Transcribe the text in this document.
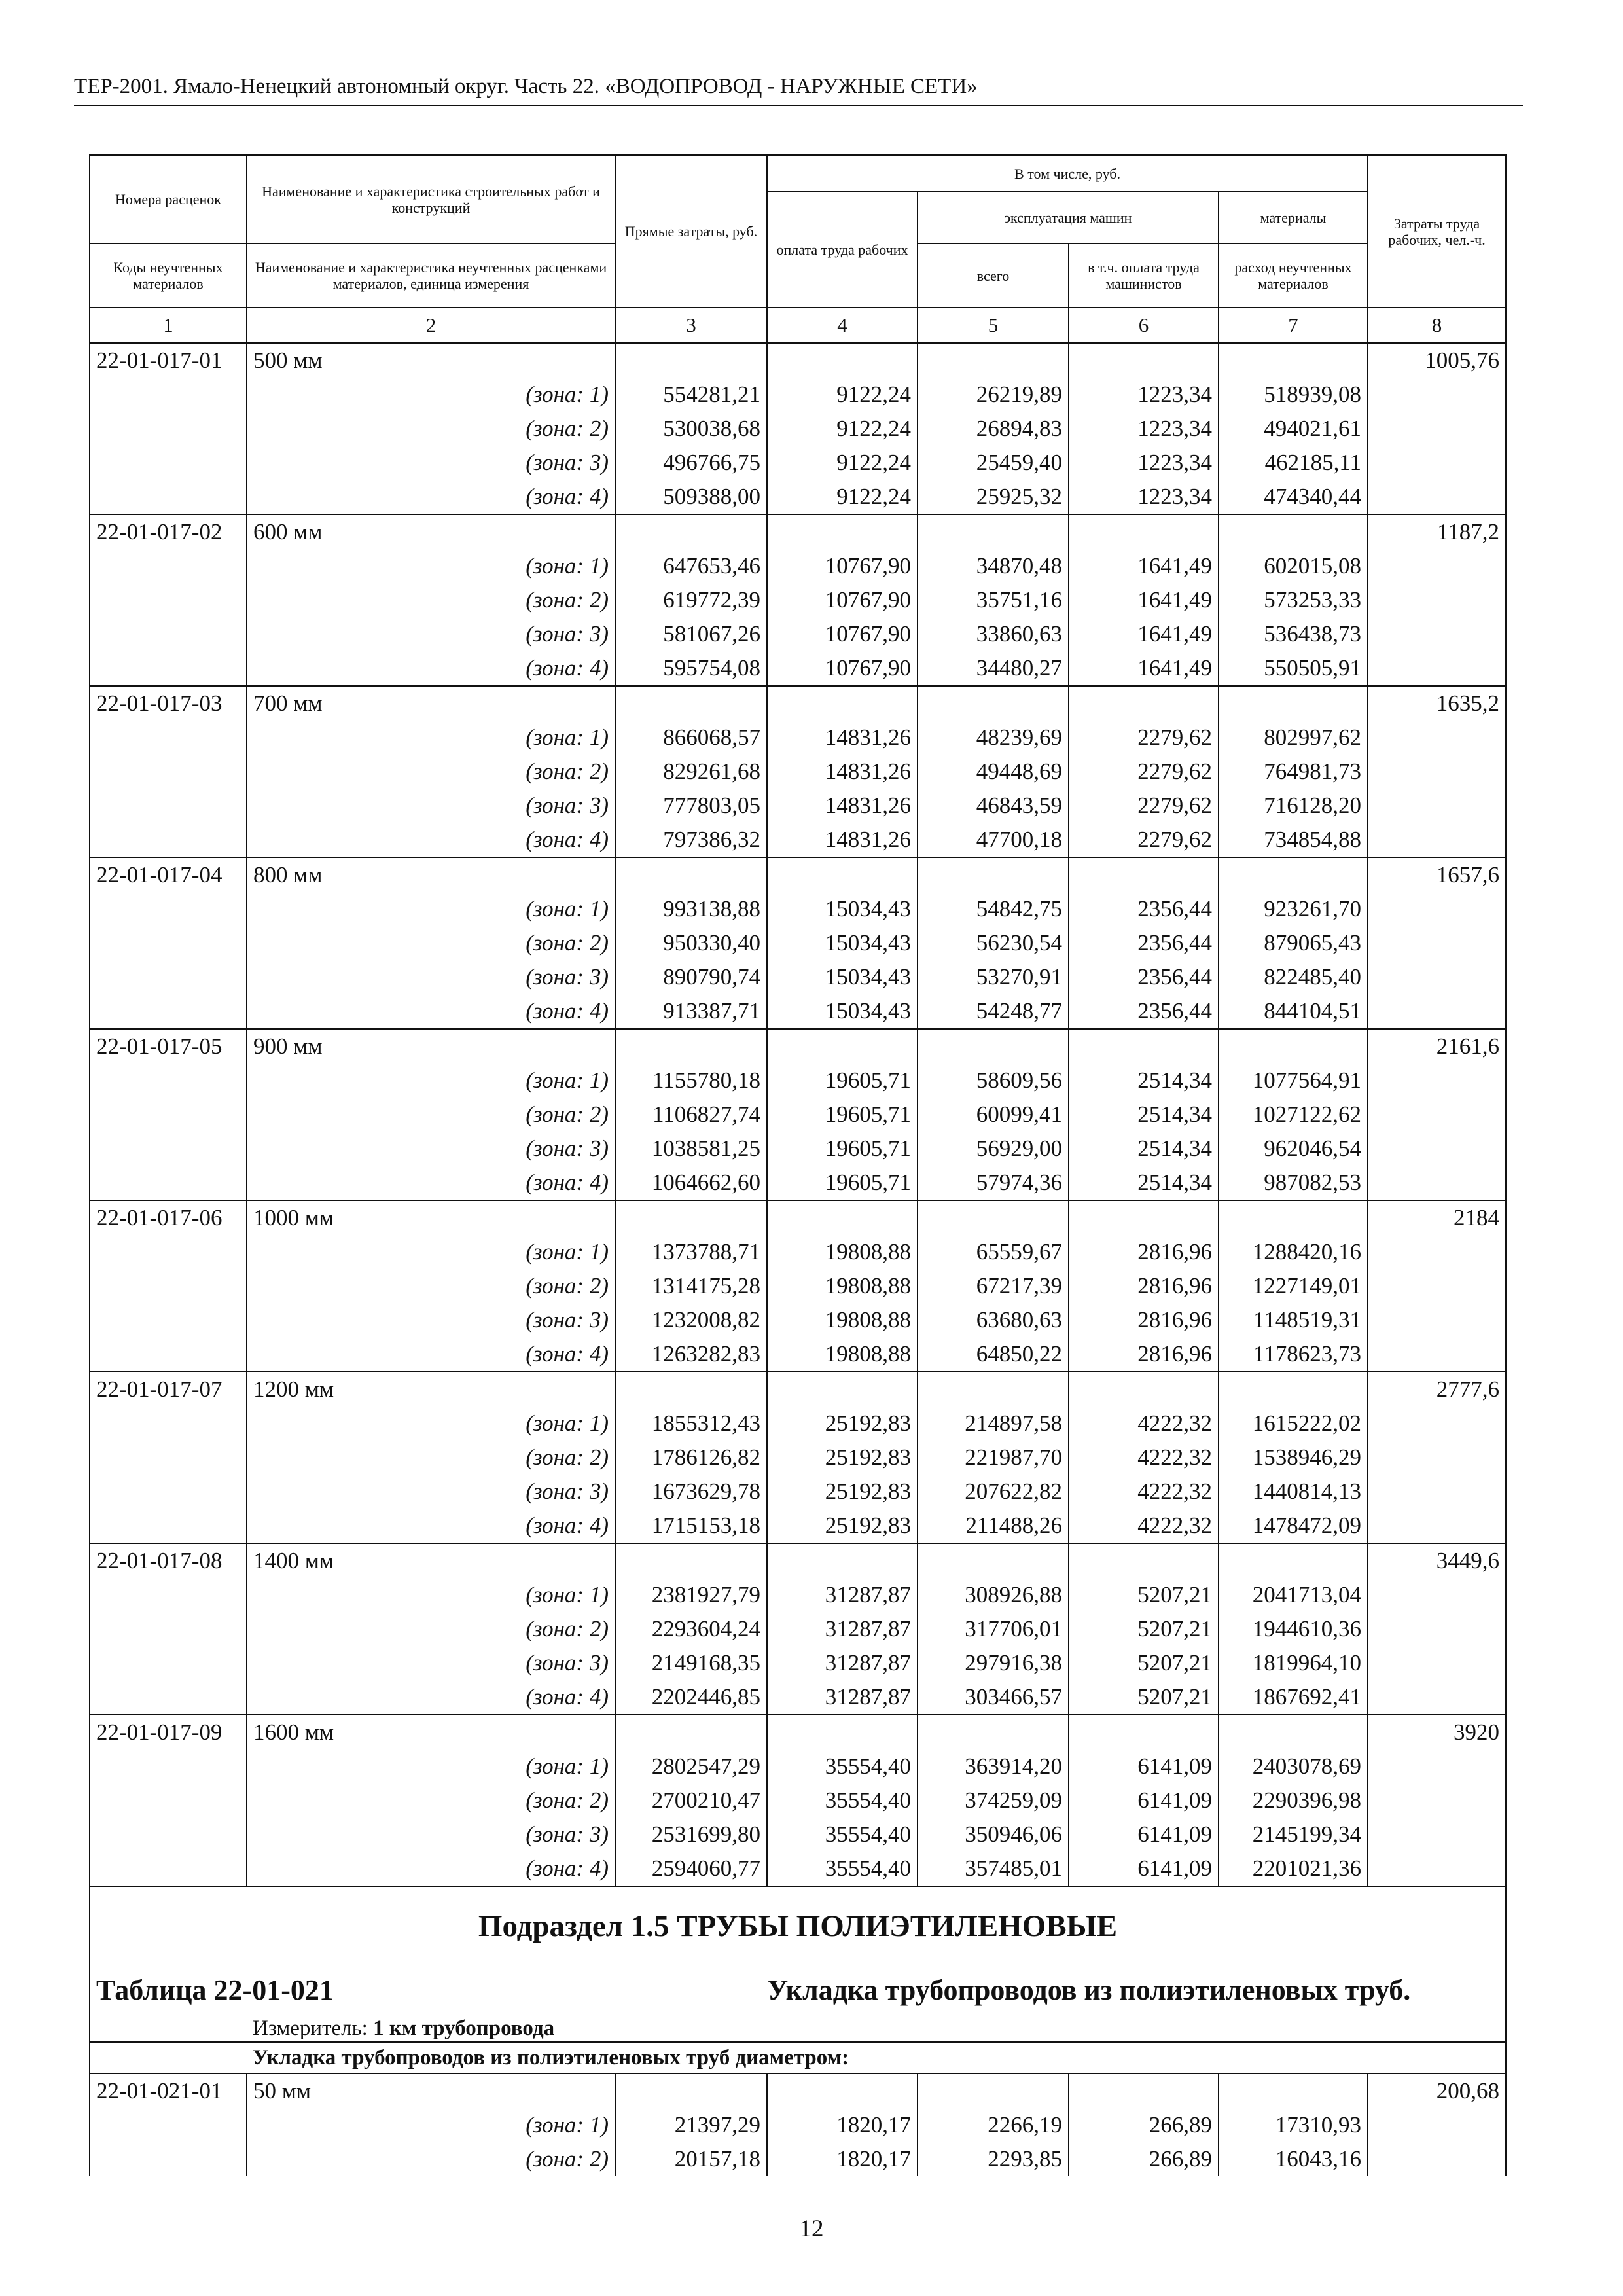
ТЕР-2001. Ямало-Ненецкий автономный округ. Часть 22. «ВОДОПРОВОД - НАРУЖНЫЕ СЕТИ»
Номера расценок	Наименование и характеристика строительных работ и конструкций	Прямые затраты, руб.	В том числе, руб.				Затраты труда рабочих, чел.-ч.
			оплата труда рабочих	эксплуатация машин		материалы	
Коды неучтенных материалов	Наименование и характеристика неучтенных расценками материалов, единица измерения			всего	в т.ч. оплата труда машинистов	расход неучтенных материалов	
1	2	3	4	5	6	7	8
22-01-017-01	500 мм						1005,76
	(зона: 1)	554281,21	9122,24	26219,89	1223,34	518939,08	
	(зона: 2)	530038,68	9122,24	26894,83	1223,34	494021,61	
	(зона: 3)	496766,75	9122,24	25459,40	1223,34	462185,11	
	(зона: 4)	509388,00	9122,24	25925,32	1223,34	474340,44	
22-01-017-02	600 мм						1187,2
	(зона: 1)	647653,46	10767,90	34870,48	1641,49	602015,08	
	(зона: 2)	619772,39	10767,90	35751,16	1641,49	573253,33	
	(зона: 3)	581067,26	10767,90	33860,63	1641,49	536438,73	
	(зона: 4)	595754,08	10767,90	34480,27	1641,49	550505,91	
22-01-017-03	700 мм						1635,2
	(зона: 1)	866068,57	14831,26	48239,69	2279,62	802997,62	
	(зона: 2)	829261,68	14831,26	49448,69	2279,62	764981,73	
	(зона: 3)	777803,05	14831,26	46843,59	2279,62	716128,20	
	(зона: 4)	797386,32	14831,26	47700,18	2279,62	734854,88	
22-01-017-04	800 мм						1657,6
	(зона: 1)	993138,88	15034,43	54842,75	2356,44	923261,70	
	(зона: 2)	950330,40	15034,43	56230,54	2356,44	879065,43	
	(зона: 3)	890790,74	15034,43	53270,91	2356,44	822485,40	
	(зона: 4)	913387,71	15034,43	54248,77	2356,44	844104,51	
22-01-017-05	900 мм						2161,6
	(зона: 1)	1155780,18	19605,71	58609,56	2514,34	1077564,91	
	(зона: 2)	1106827,74	19605,71	60099,41	2514,34	1027122,62	
	(зона: 3)	1038581,25	19605,71	56929,00	2514,34	962046,54	
	(зона: 4)	1064662,60	19605,71	57974,36	2514,34	987082,53	
22-01-017-06	1000 мм						2184
	(зона: 1)	1373788,71	19808,88	65559,67	2816,96	1288420,16	
	(зона: 2)	1314175,28	19808,88	67217,39	2816,96	1227149,01	
	(зона: 3)	1232008,82	19808,88	63680,63	2816,96	1148519,31	
	(зона: 4)	1263282,83	19808,88	64850,22	2816,96	1178623,73	
22-01-017-07	1200 мм						2777,6
	(зона: 1)	1855312,43	25192,83	214897,58	4222,32	1615222,02	
	(зона: 2)	1786126,82	25192,83	221987,70	4222,32	1538946,29	
	(зона: 3)	1673629,78	25192,83	207622,82	4222,32	1440814,13	
	(зона: 4)	1715153,18	25192,83	211488,26	4222,32	1478472,09	
22-01-017-08	1400 мм						3449,6
	(зона: 1)	2381927,79	31287,87	308926,88	5207,21	2041713,04	
	(зона: 2)	2293604,24	31287,87	317706,01	5207,21	1944610,36	
	(зона: 3)	2149168,35	31287,87	297916,38	5207,21	1819964,10	
	(зона: 4)	2202446,85	31287,87	303466,57	5207,21	1867692,41	
22-01-017-09	1600 мм						3920
	(зона: 1)	2802547,29	35554,40	363914,20	6141,09	2403078,69	
	(зона: 2)	2700210,47	35554,40	374259,09	6141,09	2290396,98	
	(зона: 3)	2531699,80	35554,40	350946,06	6141,09	2145199,34	
	(зона: 4)	2594060,77	35554,40	357485,01	6141,09	2201021,36	
Подраздел 1.5 ТРУБЫ ПОЛИЭТИЛЕНОВЫЕ							
Таблица 22-01-021			Укладка трубопроводов из полиэтиленовых труб.				
	Измеритель: 1 км трубопровода						
	Укладка трубопроводов из полиэтиленовых труб диаметром:						
22-01-021-01	50 мм						200,68
	(зона: 1)	21397,29	1820,17	2266,19	266,89	17310,93	
	(зона: 2)	20157,18	1820,17	2293,85	266,89	16043,16	
12
